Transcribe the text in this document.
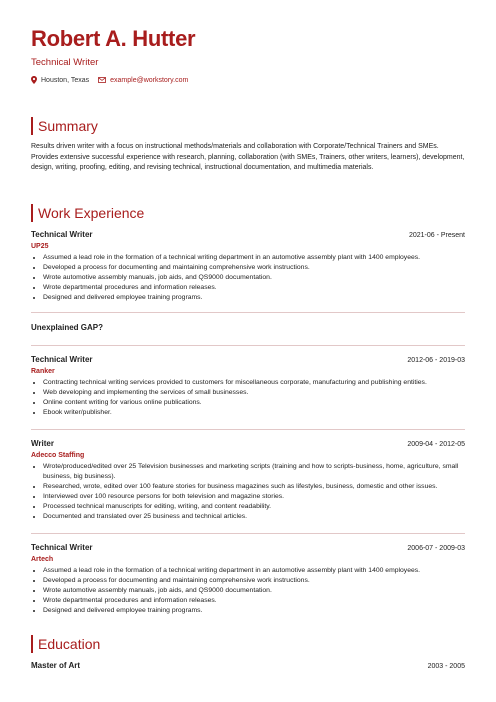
Robert A. Hutter
Technical Writer
Houston, Texas	example@workstory.com
Summary
Results driven writer with a focus on instructional methods/materials and collaboration with Corporate/Technical Trainers and SMEs. Provides extensive successful experience with research, planning, collaboration (with SMEs, Trainers, other writers, learners), development, design, writing, proofing, editing, and revising technical, instructional documentation, and multimedia materials.
Work Experience
Technical Writer	2021-06 - Present
UP25
• Assumed a lead role in the formation of a technical writing department in an automotive assembly plant with 1400 employees.
• Developed a process for documenting and maintaining comprehensive work instructions.
• Wrote automotive assembly manuals, job aids, and QS9000 documentation.
• Wrote departmental procedures and information releases.
• Designed and delivered employee training programs.
Unexplained GAP?
Technical Writer	2012-06 - 2019-03
Ranker
• Contracting technical writing services provided to customers for miscellaneous corporate, manufacturing and publishing entities.
• Web developing and implementing the services of small businesses.
• Online content writing for various online publications.
• Ebook writer/publisher.
Writer	2009-04 - 2012-05
Adecco Staffing
• Wrote/produced/edited over 25 Television businesses and marketing scripts (training and how to scripts-business, home, agriculture, small business, big business).
• Researched, wrote, edited over 100 feature stories for business magazines such as lifestyles, business, domestic and other issues.
• Interviewed over 100 resource persons for both television and magazine stories.
• Processed technical manuscripts for editing, writing, and content readability.
• Documented and translated over 25 business and technical articles.
Technical Writer	2006-07 - 2009-03
Artech
• Assumed a lead role in the formation of a technical writing department in an automotive assembly plant with 1400 employees.
• Developed a process for documenting and maintaining comprehensive work instructions.
• Wrote automotive assembly manuals, job aids, and QS9000 documentation.
• Wrote departmental procedures and information releases.
• Designed and delivered employee training programs.
Education
Master of Art	2003 - 2005
